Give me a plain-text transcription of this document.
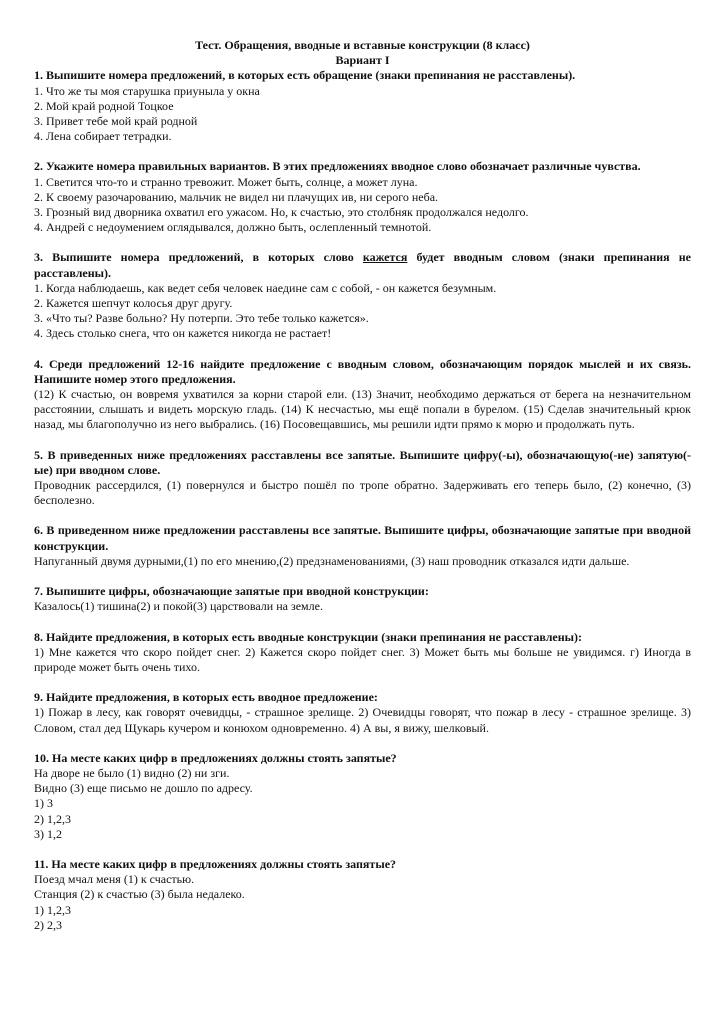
Тест. Обращения, вводные и вставные конструкции (8 класс)
Вариант I
1. Выпишите номера предложений, в которых есть обращение (знаки препинания не расставлены).
1. Что же ты моя старушка приуныла у окна
2. Мой край родной Тоцкое
3. Привет тебе мой край родной
4. Лена собирает тетрадки.
2. Укажите номера правильных вариантов. В этих предложениях вводное слово обозначает различные чувства.
1. Светится что-то и странно тревожит. Может быть, солнце, а может луна.
2. К своему разочарованию, мальчик не видел ни плачущих ив, ни серого неба.
3. Грозный вид дворника охватил его ужасом. Но, к счастью, это столбняк продолжался недолго.
4. Андрей с недоумением оглядывался, должно быть, ослепленный темнотой.
3. Выпишите номера предложений, в которых слово кажется будет вводным словом (знаки препинания не расставлены).
1. Когда наблюдаешь, как ведет себя человек наедине сам с собой, - он кажется безумным.
2. Кажется шепчут колосья друг другу.
3. «Что ты? Разве больно? Ну потерпи. Это тебе только кажется».
4. Здесь столько снега, что он кажется никогда не растает!
4. Среди предложений 12-16 найдите предложение с вводным словом, обозначающим порядок мыслей и их связь. Напишите номер этого предложения.
(12) К счастью, он вовремя ухватился за корни старой ели. (13) Значит, необходимо держаться от берега на незначительном расстоянии, слышать и видеть морскую гладь. (14) К несчастью, мы ещё попали в бурелом. (15) Сделав значительный крюк назад, мы благополучно из него выбрались. (16) Посовещавшись, мы решили идти прямо к морю и продолжать путь.
5. В приведенных ниже предложениях расставлены все запятые. Выпишите цифру(-ы), обозначающую(-ие) запятую(-ые) при вводном слове.
Проводник рассердился, (1) повернулся и быстро пошёл по тропе обратно. Задерживать его теперь было, (2) конечно, (3) бесполезно.
6. В приведенном ниже предложении расставлены все запятые. Выпишите цифры, обозначающие запятые при вводной конструкции.
Напуганный двумя дурными,(1) по его мнению,(2) предзнаменованиями, (3) наш проводник отказался идти дальше.
7. Выпишите цифры, обозначающие запятые при вводной конструкции:
Казалось(1) тишина(2) и покой(3) царствовали на земле.
8. Найдите предложения, в которых есть вводные конструкции (знаки препинания не расставлены):
1) Мне кажется что скоро пойдет снег. 2) Кажется скоро пойдет снег. 3) Может быть мы больше не увидимся. г) Иногда в природе может быть очень тихо.
9. Найдите предложения, в которых есть вводное предложение:
1) Пожар в лесу, как говорят очевидцы, - страшное зрелище. 2) Очевидцы говорят, что пожар в лесу - страшное зрелище. 3) Словом, стал дед Щукарь кучером и конюхом одновременно. 4) А вы, я вижу, шелковый.
10. На месте каких цифр в предложениях должны стоять запятые?
На дворе не было (1) видно (2) ни зги.
Видно (3) еще письмо не дошло по адресу.
1) 3
2) 1,2,3
3) 1,2
11. На месте каких цифр в предложениях должны стоять запятые?
Поезд мчал меня (1) к счастью.
Станция (2) к счастью (3) была недалеко.
1) 1,2,3
2) 2,3
